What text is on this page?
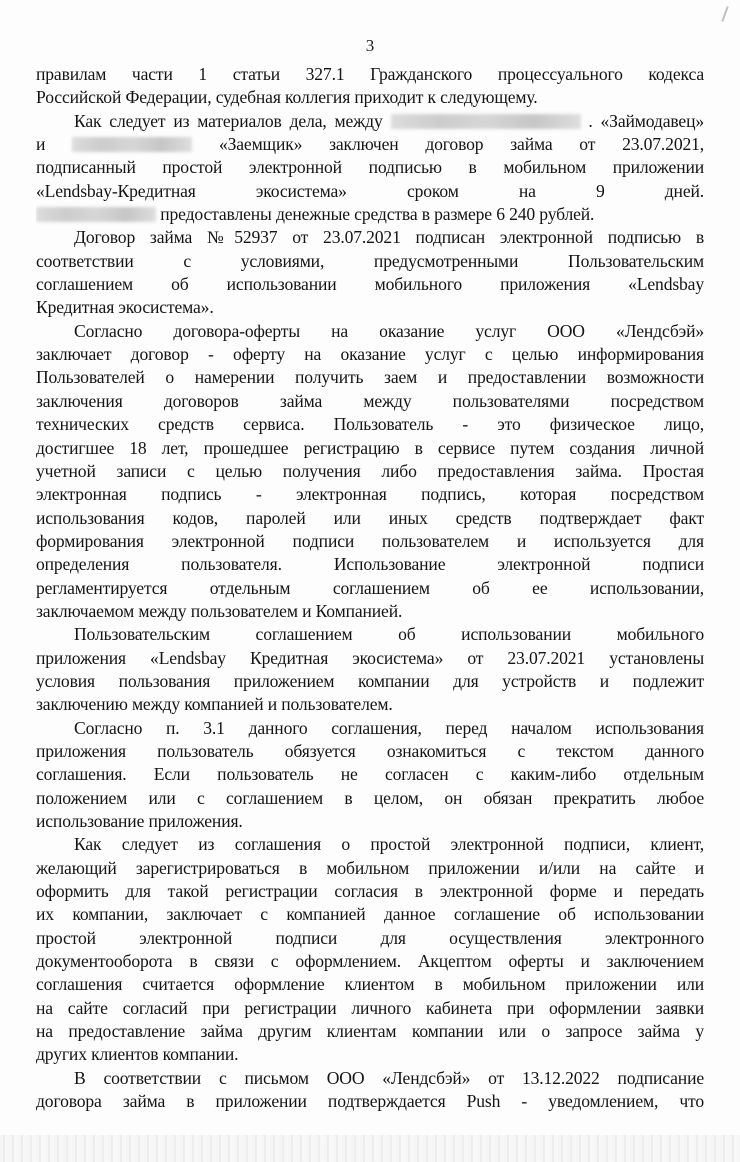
3
правилам части 1 статьи 327.1 Гражданского процессуального кодекса
Российской Федерации, судебная коллегия приходит к следующему.
Как следует из материалов дела, между	. «Займодавец»
и	«Заемщик» заключен договор займа от 23.07.2021,
подписанный простой электронной подписью в мобильном приложении
«Lendsbay-Кредитная экосистема» сроком на 9 дней.
предоставлены денежные средства в размере 6 240 рублей.
Договор займа №52937 от 23.07.2021 подписан электронной подписью в
соответствии с условиями, предусмотренными Пользовательским
соглашением об использовании мобильного приложения «Lendsbay
Кредитная экосистема».
Согласно договора-оферты на оказание услуг ООО «Лендсбэй»
заключает договор - оферту на оказание услуг с целью информирования
Пользователей о намерении получить заем и предоставлении возможности
заключения договоров займа между пользователями посредством
технических средств сервиса. Пользователь - это физическое лицо,
достигшее 18 лет, прошедшее регистрацию в сервисе путем создания личной
учетной записи с целью получения либо предоставления займа. Простая
электронная подпись - электронная подпись, которая посредством
использования кодов, паролей или иных средств подтверждает факт
формирования электронной подписи пользователем и используется для
определения пользователя. Использование электронной подписи
регламентируется отдельным соглашением об ее использовании,
заключаемом между пользователем и Компанией.
Пользовательским соглашением об использовании мобильного
приложения «Lendsbay Кредитная экосистема» от 23.07.2021 установлены
условия пользования приложением компании для устройств и подлежит
заключению между компанией и пользователем.
Согласно п. 3.1 данного соглашения, перед началом использования
приложения пользователь обязуется ознакомиться с текстом данного
соглашения. Если пользователь не согласен с каким-либо отдельным
положением или с соглашением в целом, он обязан прекратить любое
использование приложения.
Как следует из соглашения о простой электронной подписи, клиент,
желающий зарегистрироваться в мобильном приложении и/или на сайте и
оформить для такой регистрации согласия в электронной форме и передать
их компании, заключает с компанией данное соглашение об использовании
простой электронной подписи для осуществления электронного
документооборота в связи с оформлением. Акцептом оферты и заключением
соглашения считается оформление клиентом в мобильном приложении или
на сайте согласий при регистрации личного кабинета при оформлении заявки
на предоставление займа другим клиентам компании или о запросе займа у
других клиентов компании.
В соответствии с письмом ООО «Лендсбэй» от 13.12.2022 подписание
договора займа в приложении подтверждается Push - уведомлением, что
